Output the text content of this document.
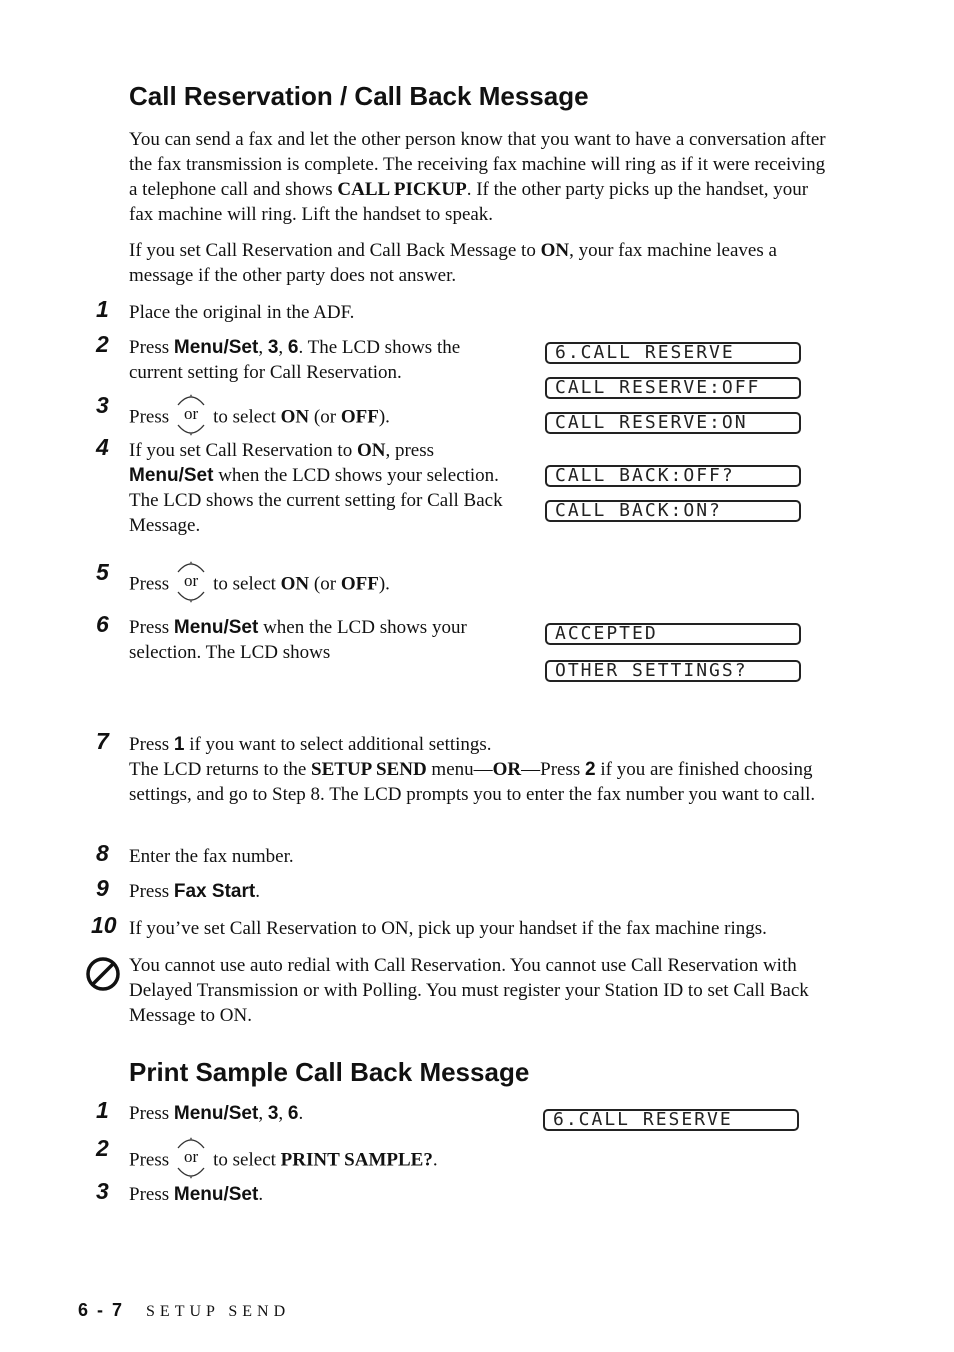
Call Reservation / Call Back Message

You can send a fax and let the other person know that you want to have a conversation after the fax transmission is complete. The receiving fax machine will ring as if it were receiving a telephone call and shows CALL PICKUP. If the other party picks up the handset, your fax machine will ring. Lift the handset to speak.

If you set Call Reservation and Call Back Message to ON, your fax machine leaves a message if the other party does not answer.

1 Place the original in the ADF.

2 Press Menu/Set, 3, 6. The LCD shows the current setting for Call Reservation.

3 Press or to select ON (or OFF).

4 If you set Call Reservation to ON, press Menu/Set when the LCD shows your selection. The LCD shows the current setting for Call Back Message.

5 Press or to select ON (or OFF).

6 Press Menu/Set when the LCD shows your selection. The LCD shows

6.CALL RESERVE
CALL RESERVE:OFF
CALL RESERVE:ON
CALL BACK:OFF?
CALL BACK:ON?
ACCEPTED
OTHER SETTINGS?
7 Press 1 if you want to select additional settings.
The LCD returns to the SETUP SEND menu—OR—Press 2 if you are finished choosing settings, and go to Step 8. The LCD prompts you to enter the fax number you want to call.

8 Enter the fax number.

9 Press Fax Start.

10 If you’ve set Call Reservation to ON, pick up your handset if the fax machine rings.

You cannot use auto redial with Call Reservation. You cannot use Call Reservation with Delayed Transmission or with Polling. You must register your Station ID to set Call Back Message to ON.

Print Sample Call Back Message
1 Press Menu/Set, 3, 6.

2 Press or to select PRINT SAMPLE?.

3 Press Menu/Set.

6.CALL RESERVE
6 - 7 SETUP SEND
